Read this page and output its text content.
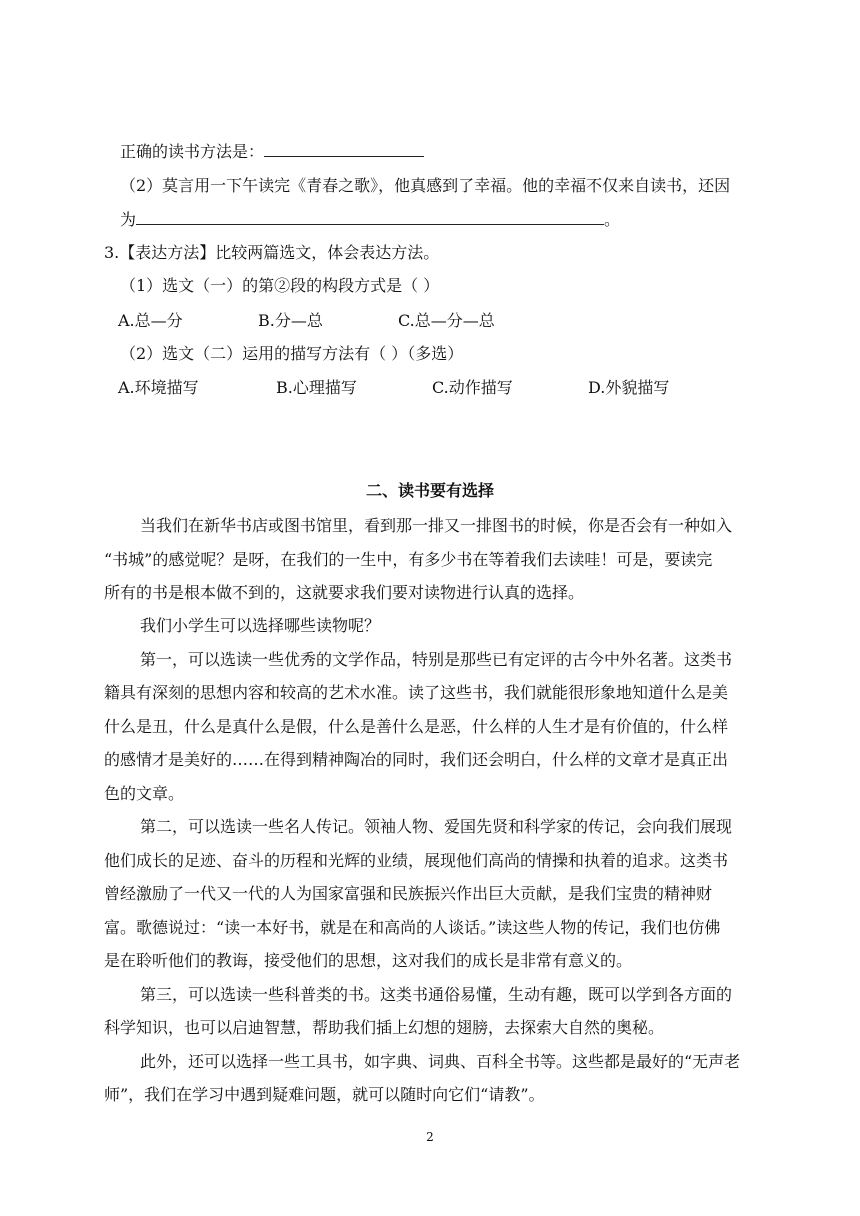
正确的读书方法是：
（2）莫言用一下午读完《青春之歌》，他真感到了幸福。他的幸福不仅来自读书，还因
为	。
3.【表达方法】比较两篇选文，体会表达方法。
（1）选文（一）的第②段的构段方式是（ ）
A.总—分	B.分—总	C.总—分—总
（2）选文（二）运用的描写方法有（ ）（多选）
A.环境描写	B.心理描写	C.动作描写	D.外貌描写
二、读书要有选择
当我们在新华书店或图书馆里，看到那一排又一排图书的时候，你是否会有一种如入
“书城”的感觉呢？是呀，在我们的一生中，有多少书在等着我们去读哇！可是，要读完
所有的书是根本做不到的，这就要求我们要对读物进行认真的选择。
我们小学生可以选择哪些读物呢？
第一，可以选读一些优秀的文学作品，特别是那些已有定评的古今中外名著。这类书
籍具有深刻的思想内容和较高的艺术水准。读了这些书，我们就能很形象地知道什么是美
什么是丑，什么是真什么是假，什么是善什么是恶，什么样的人生才是有价值的，什么样
的感情才是美好的……在得到精神陶冶的同时，我们还会明白，什么样的文章才是真正出
色的文章。
第二，可以选读一些名人传记。领袖人物、爱国先贤和科学家的传记，会向我们展现
他们成长的足迹、奋斗的历程和光辉的业绩，展现他们高尚的情操和执着的追求。这类书
曾经激励了一代又一代的人为国家富强和民族振兴作出巨大贡献，是我们宝贵的精神财
富。歌德说过：“读一本好书，就是在和高尚的人谈话。”读这些人物的传记，我们也仿佛
是在聆听他们的教诲，接受他们的思想，这对我们的成长是非常有意义的。
第三，可以选读一些科普类的书。这类书通俗易懂，生动有趣，既可以学到各方面的
科学知识，也可以启迪智慧，帮助我们插上幻想的翅膀，去探索大自然的奥秘。
此外，还可以选择一些工具书，如字典、词典、百科全书等。这些都是最好的“无声老
师”，我们在学习中遇到疑难问题，就可以随时向它们“请教”。
2
